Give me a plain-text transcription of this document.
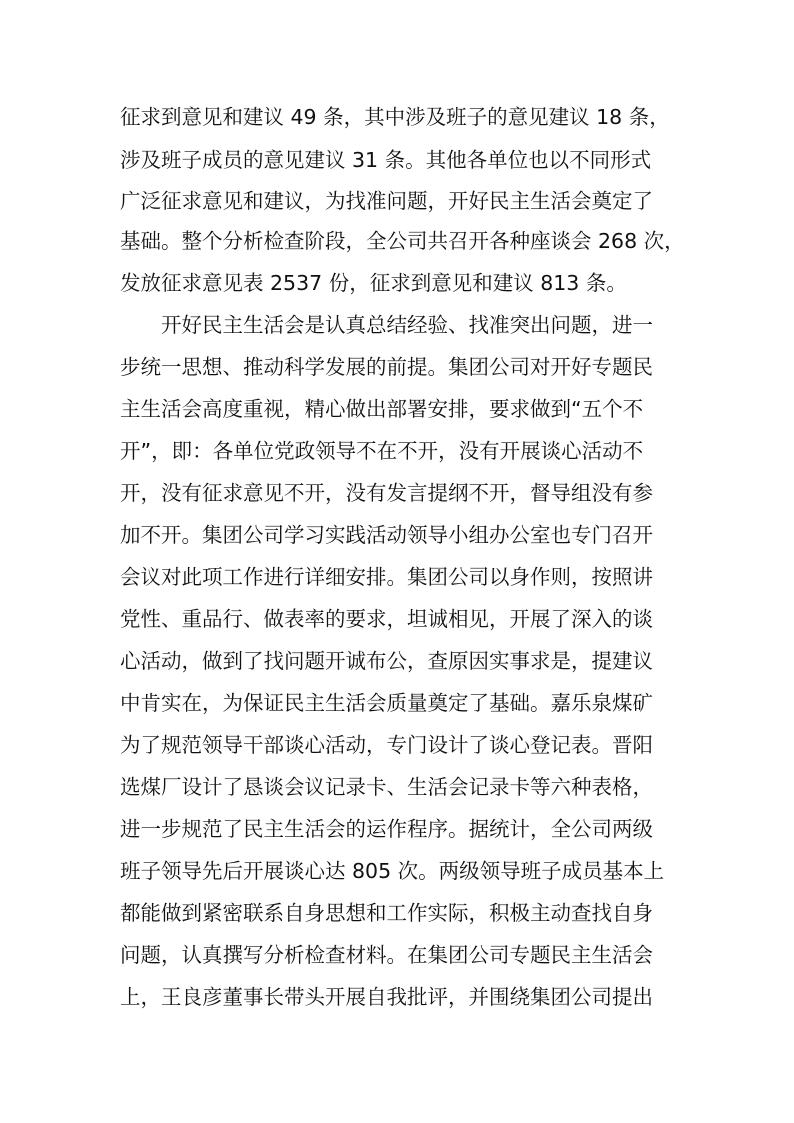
征求到意见和建议 49 条，其中涉及班子的意见建议 18 条，
涉及班子成员的意见建议 31 条。其他各单位也以不同形式
广泛征求意见和建议，为找准问题，开好民主生活会奠定了
基础。整个分析检查阶段，全公司共召开各种座谈会 268 次，
发放征求意见表 2537 份，征求到意见和建议 813 条。
开好民主生活会是认真总结经验、找准突出问题，进一
步统一思想、推动科学发展的前提。集团公司对开好专题民
主生活会高度重视，精心做出部署安排，要求做到“五个不
开”，即：各单位党政领导不在不开，没有开展谈心活动不
开，没有征求意见不开，没有发言提纲不开，督导组没有参
加不开。集团公司学习实践活动领导小组办公室也专门召开
会议对此项工作进行详细安排。集团公司以身作则，按照讲
党性、重品行、做表率的要求，坦诚相见，开展了深入的谈
心活动，做到了找问题开诚布公，查原因实事求是，提建议
中肯实在，为保证民主生活会质量奠定了基础。嘉乐泉煤矿
为了规范领导干部谈心活动，专门设计了谈心登记表。晋阳
选煤厂设计了恳谈会议记录卡、生活会记录卡等六种表格，
进一步规范了民主生活会的运作程序。据统计，全公司两级
班子领导先后开展谈心达 805 次。两级领导班子成员基本上
都能做到紧密联系自身思想和工作实际，积极主动查找自身
问题，认真撰写分析检查材料。在集团公司专题民主生活会
上，王良彦董事长带头开展自我批评，并围绕集团公司提出
